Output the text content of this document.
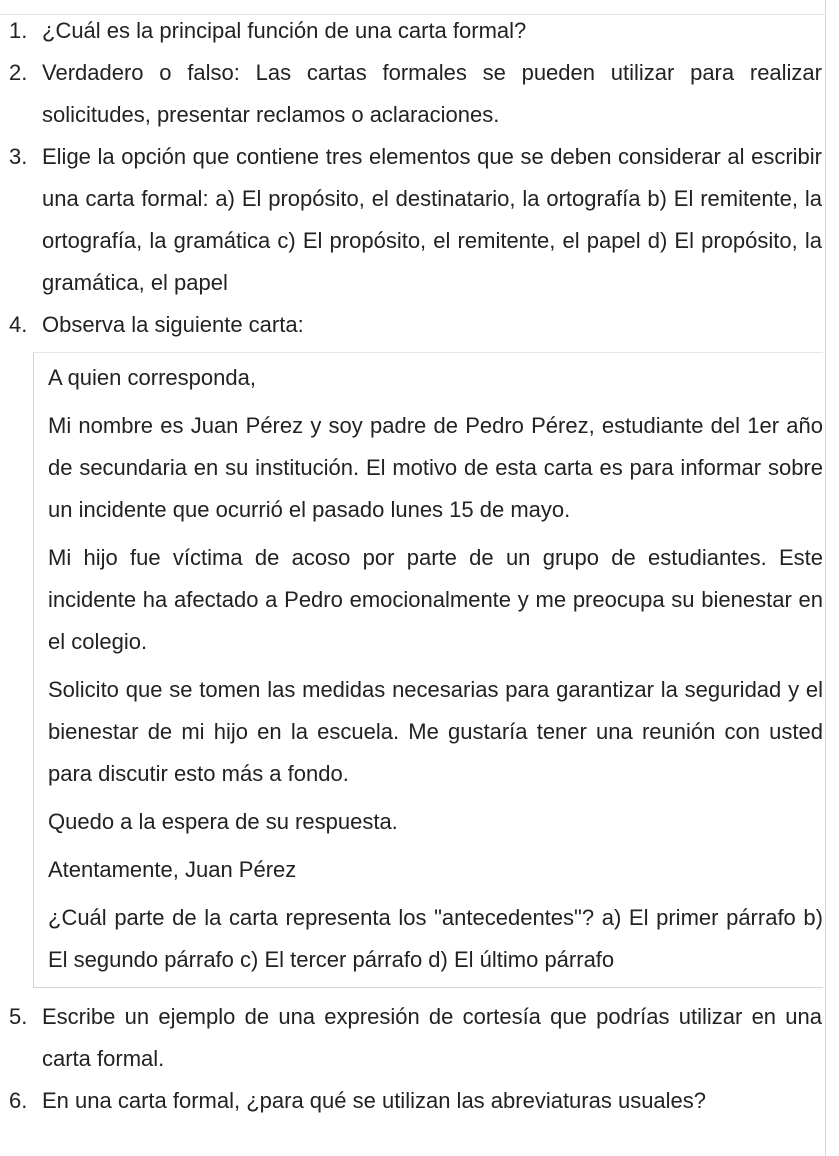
1. ¿Cuál es la principal función de una carta formal?
2. Verdadero o falso: Las cartas formales se pueden utilizar para realizar solicitudes, presentar reclamos o aclaraciones.
3. Elige la opción que contiene tres elementos que se deben considerar al escribir una carta formal: a) El propósito, el destinatario, la ortografía b) El remitente, la ortografía, la gramática c) El propósito, el remitente, el papel d) El propósito, la gramática, el papel
4. Observa la siguiente carta:

A quien corresponda,

Mi nombre es Juan Pérez y soy padre de Pedro Pérez, estudiante del 1er año de secundaria en su institución. El motivo de esta carta es para informar sobre un incidente que ocurrió el pasado lunes 15 de mayo.

Mi hijo fue víctima de acoso por parte de un grupo de estudiantes. Este incidente ha afectado a Pedro emocionalmente y me preocupa su bienestar en el colegio.

Solicito que se tomen las medidas necesarias para garantizar la seguridad y el bienestar de mi hijo en la escuela. Me gustaría tener una reunión con usted para discutir esto más a fondo.

Quedo a la espera de su respuesta.

Atentamente, Juan Pérez

¿Cuál parte de la carta representa los "antecedentes"? a) El primer párrafo b) El segundo párrafo c) El tercer párrafo d) El último párrafo

5. Escribe un ejemplo de una expresión de cortesía que podrías utilizar en una carta formal.
6. En una carta formal, ¿para qué se utilizan las abreviaturas usuales?
